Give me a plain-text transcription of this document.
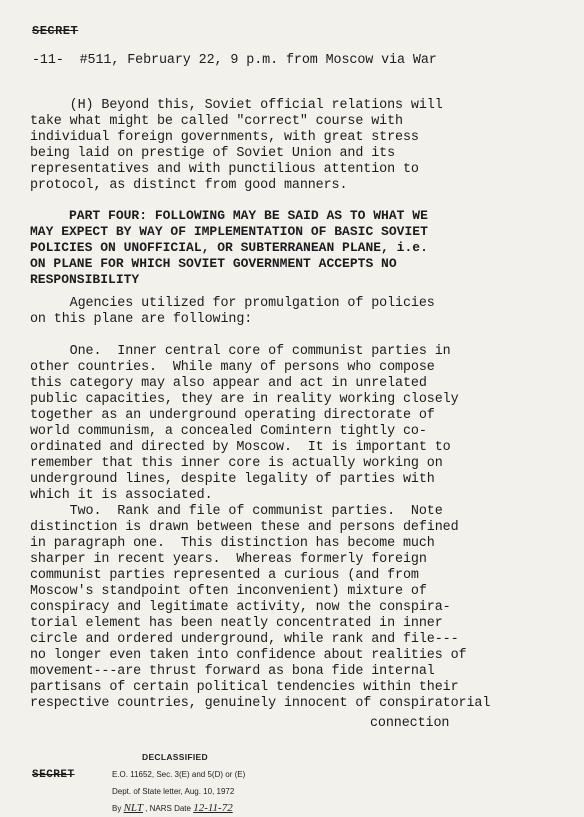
SECRET
-11-  #511, February 22, 9 p.m. from Moscow via War
(H) Beyond this, Soviet official relations will
take what might be called "correct" course with
individual foreign governments, with great stress
being laid on prestige of Soviet Union and its
representatives and with punctilious attention to
protocol, as distinct from good manners.
PART FOUR: FOLLOWING MAY BE SAID AS TO WHAT WE
MAY EXPECT BY WAY OF IMPLEMENTATION OF BASIC SOVIET
POLICIES ON UNOFFICIAL, OR SUBTERRANEAN PLANE, i.e.
ON PLANE FOR WHICH SOVIET GOVERNMENT ACCEPTS NO
RESPONSIBILITY
Agencies utilized for promulgation of policies
on this plane are following:
One.  Inner central core of communist parties in
other countries.  While many of persons who compose
this category may also appear and act in unrelated
public capacities, they are in reality working closely
together as an underground operating directorate of
world communism, a concealed Comintern tightly co-
ordinated and directed by Moscow.  It is important to
remember that this inner core is actually working on
underground lines, despite legality of parties with
which it is associated.
Two.  Rank and file of communist parties.  Note
distinction is drawn between these and persons defined
in paragraph one.  This distinction has become much
sharper in recent years.  Whereas formerly foreign
communist parties represented a curious (and from
Moscow's standpoint often inconvenient) mixture of
conspiracy and legitimate activity, now the conspira-
torial element has been neatly concentrated in inner
circle and ordered underground, while rank and file---
no longer even taken into confidence about realities of
movement---are thrust forward as bona fide internal
partisans of certain political tendencies within their
respective countries, genuinely innocent of conspiratorial
connection
SECRET
DECLASSIFIED
E.O. 11652, Sec. 3(E) and 5(D) or (E)
Dept. of State letter, Aug. 10, 1972
By NLT , NARS Date 12-11-72
